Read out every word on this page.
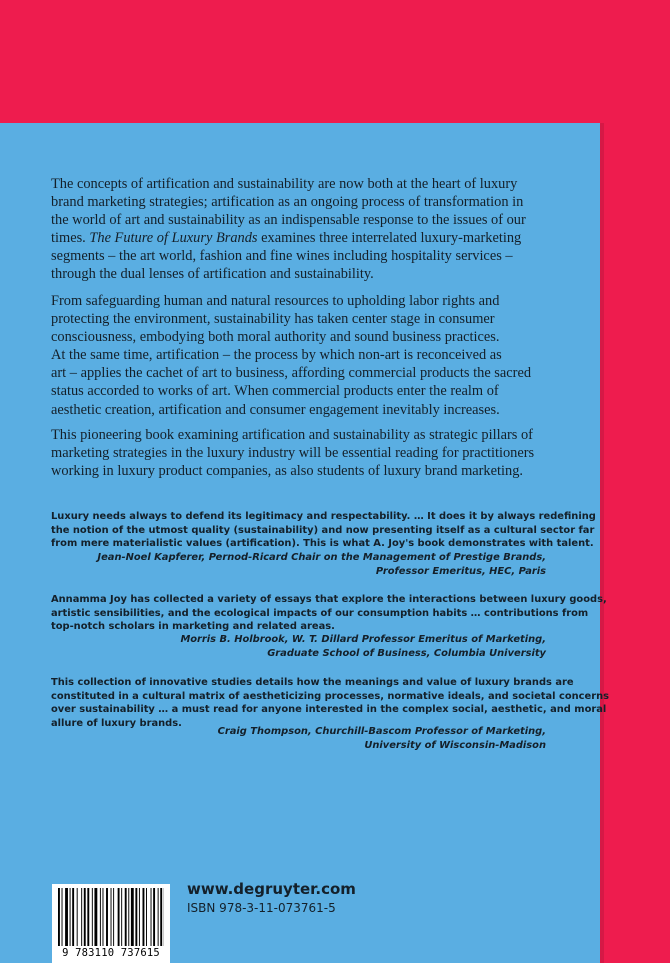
The concepts of artification and sustainability are now both at the heart of luxury
brand marketing strategies; artification as an ongoing process of transformation in
the world of art and sustainability as an indispensable response to the issues of our
times. The Future of Luxury Brands examines three interrelated luxury-marketing
segments – the art world, fashion and fine wines including hospitality services –
through the dual lenses of artification and sustainability.

From safeguarding human and natural resources to upholding labor rights and
protecting the environment, sustainability has taken center stage in consumer
consciousness, embodying both moral authority and sound business practices.
At the same time, artification – the process by which non-art is reconceived as
art – applies the cachet of art to business, affording commercial products the sacred
status accorded to works of art. When commercial products enter the realm of
aesthetic creation, artification and consumer engagement inevitably increases.

This pioneering book examining artification and sustainability as strategic pillars of
marketing strategies in the luxury industry will be essential reading for practitioners
working in luxury product companies, as also students of luxury brand marketing.

Luxury needs always to defend its legitimacy and respectability. … It does it by always redefining
the notion of the utmost quality (sustainability) and now presenting itself as a cultural sector far
from mere materialistic values (artification). This is what A. Joy's book demonstrates with talent.

Jean-Noel Kapferer, Pernod-Ricard Chair on the Management of Prestige Brands,
Professor Emeritus, HEC, Paris

Annamma Joy has collected a variety of essays that explore the interactions between luxury goods,
artistic sensibilities, and the ecological impacts of our consumption habits … contributions from
top-notch scholars in marketing and related areas.

Morris B. Holbrook, W. T. Dillard Professor Emeritus of Marketing,
Graduate School of Business, Columbia University

This collection of innovative studies details how the meanings and value of luxury brands are
constituted in a cultural matrix of aestheticizing processes, normative ideals, and societal concerns
over sustainability … a must read for anyone interested in the complex social, aesthetic, and moral
allure of luxury brands.

Craig Thompson, Churchill-Bascom Professor of Marketing,
University of Wisconsin-Madison
9 783110 737615
www.degruyter.com
ISBN 978-3-11-073761-5
